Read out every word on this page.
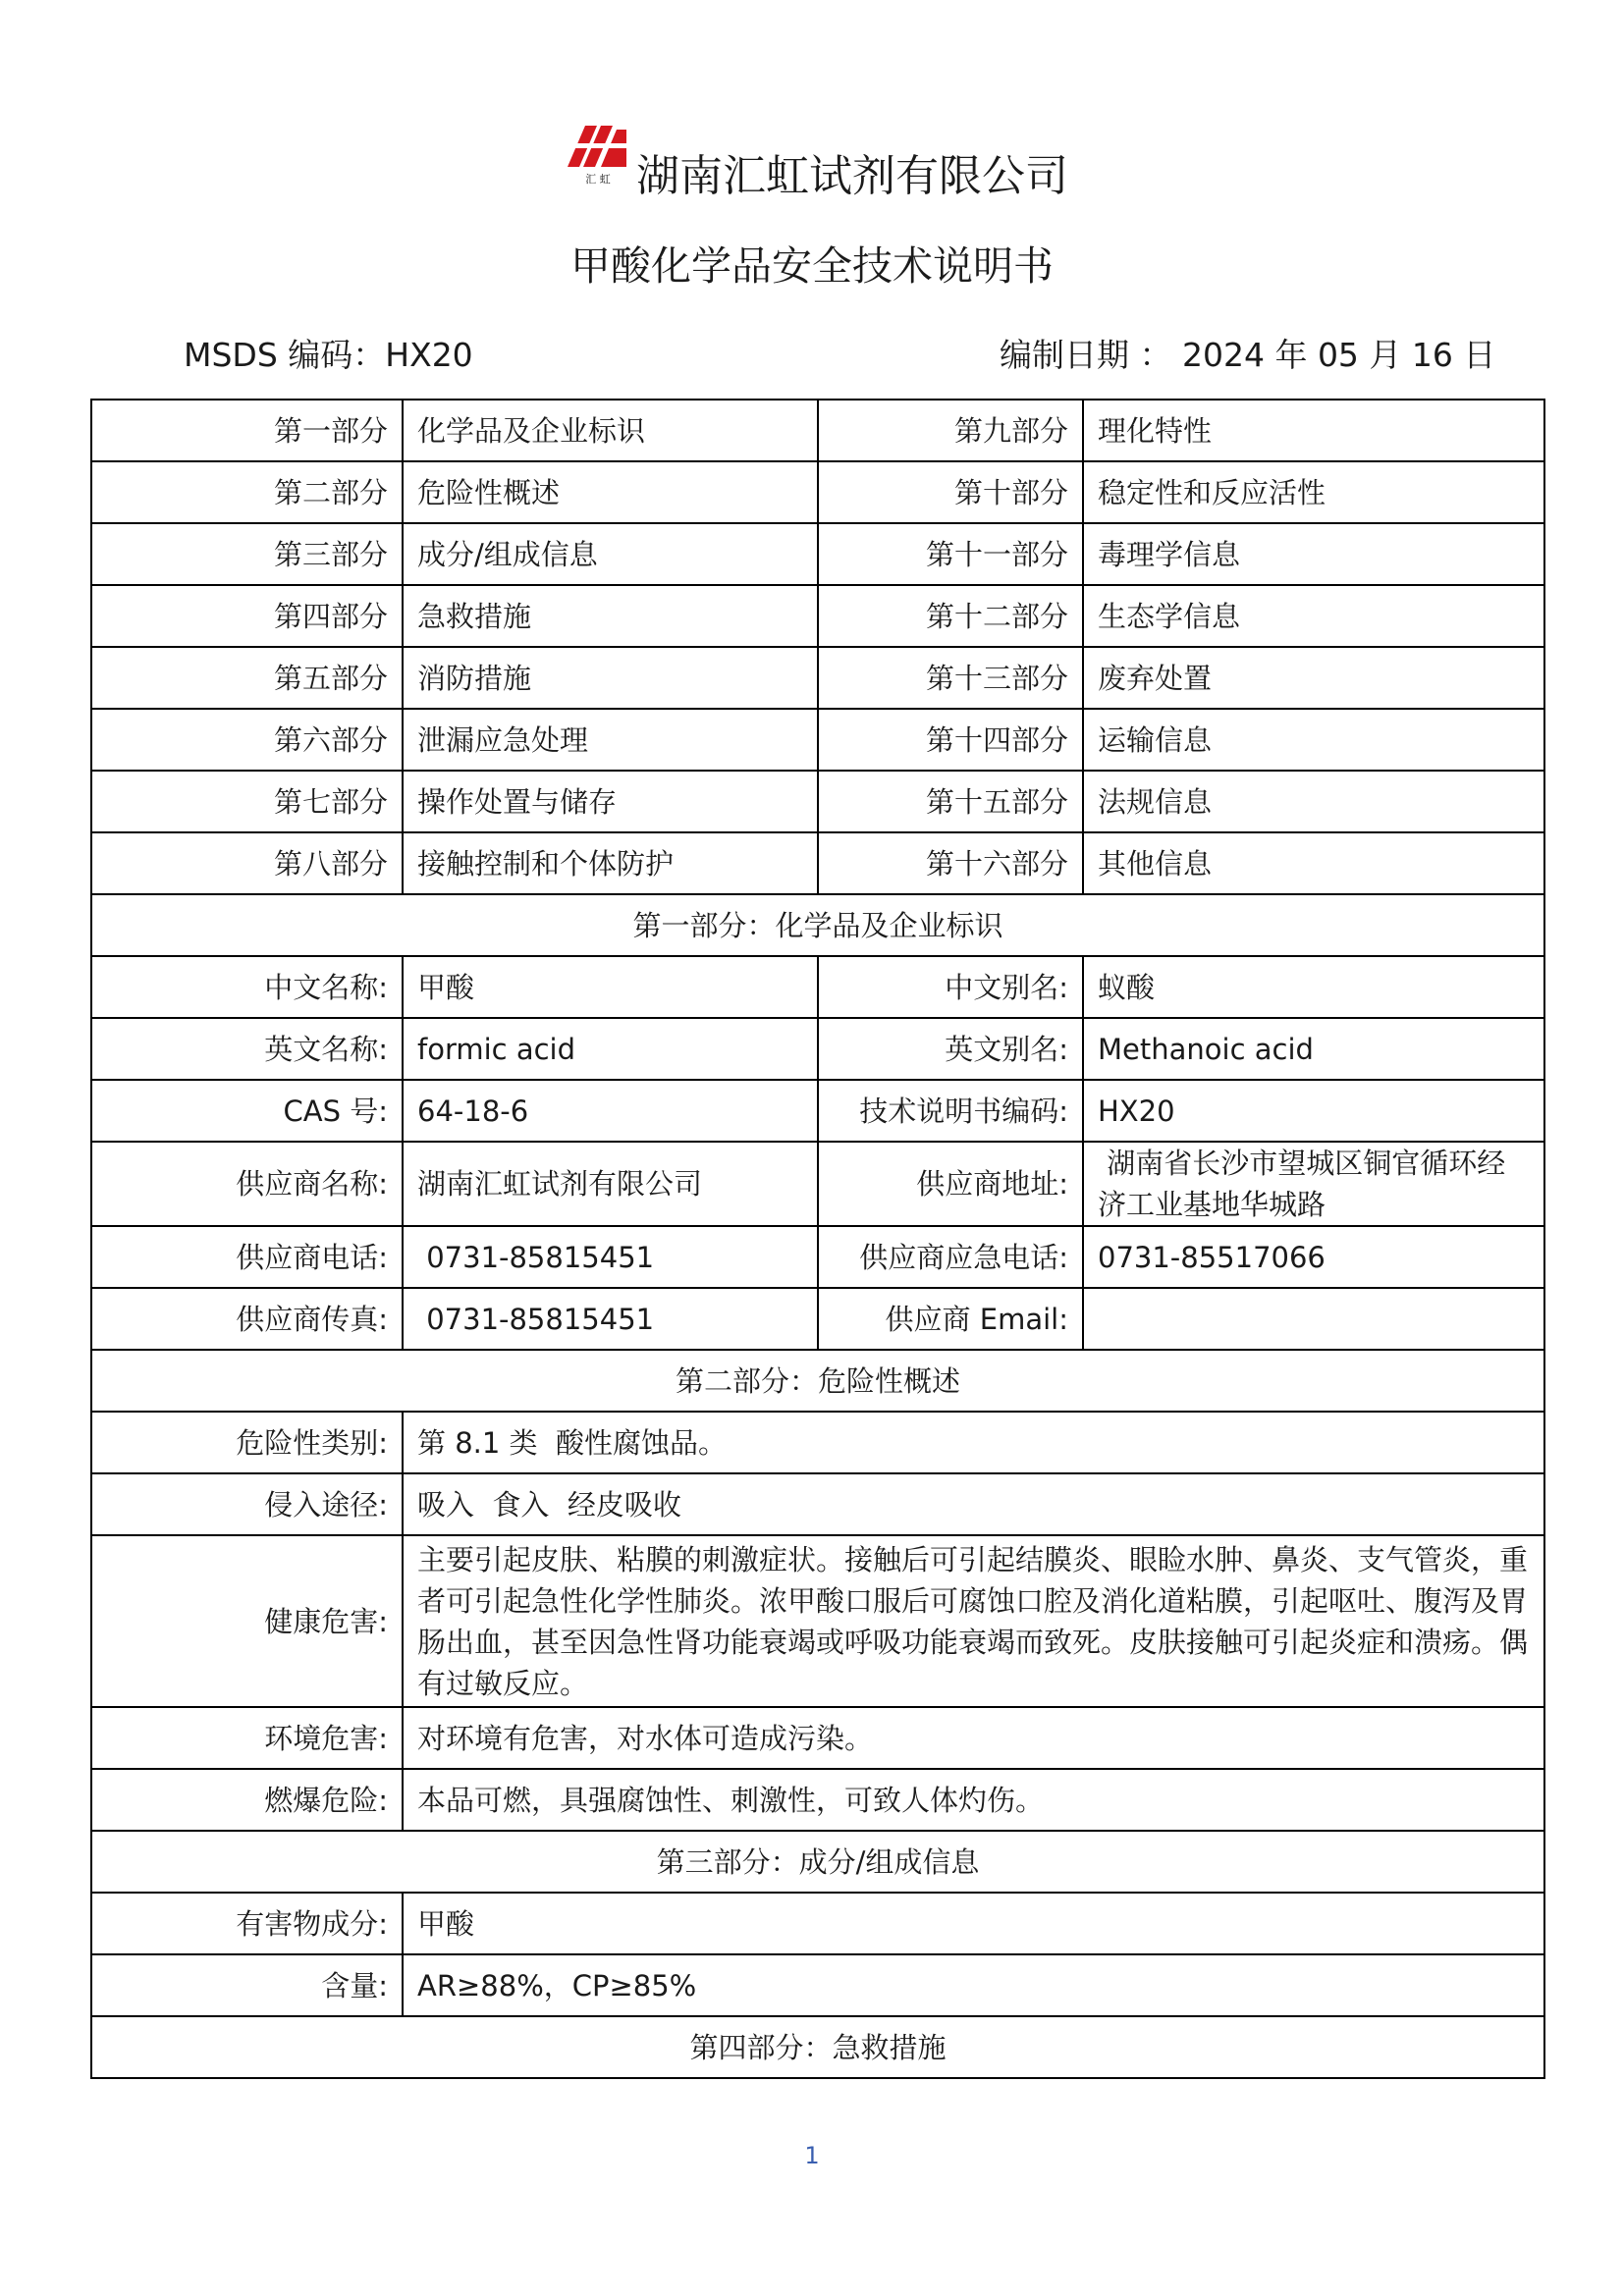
汇 虹 湖南汇虹试剂有限公司
甲酸化学品安全技术说明书
MSDS 编码：HX20	编制日期 ： 2024 年 05 月 16 日
第一部分	化学品及企业标识	第九部分	理化特性
第二部分	危险性概述	第十部分	稳定性和反应活性
第三部分	成分/组成信息	第十一部分	毒理学信息
第四部分	急救措施	第十二部分	生态学信息
第五部分	消防措施	第十三部分	废弃处置
第六部分	泄漏应急处理	第十四部分	运输信息
第七部分	操作处置与储存	第十五部分	法规信息
第八部分	接触控制和个体防护	第十六部分	其他信息
第一部分：化学品及企业标识			
中文名称:	甲酸	中文别名:	蚁酸
英文名称:	formic acid	英文别名:	Methanoic acid
CAS 号:	64-18-6	技术说明书编码:	HX20
供应商名称:	湖南汇虹试剂有限公司	供应商地址:	湖南省长沙市望城区铜官循环经济工业基地华城路
供应商电话:	0731-85815451	供应商应急电话:	0731-85517066
供应商传真:	0731-85815451	供应商 Email:	
第二部分：危险性概述			
危险性类别:	第 8.1 类  酸性腐蚀品。		
侵入途径:	吸入  食入  经皮吸收		
健康危害:	主要引起皮肤、粘膜的刺激症状。接触后可引起结膜炎、眼睑水肿、鼻炎、支气管炎，重者可引起急性化学性肺炎。浓甲酸口服后可腐蚀口腔及消化道粘膜，引起呕吐、腹泻及胃肠出血，甚至因急性肾功能衰竭或呼吸功能衰竭而致死。皮肤接触可引起炎症和溃疡。偶有过敏反应。		
环境危害:	对环境有危害，对水体可造成污染。		
燃爆危险:	本品可燃，具强腐蚀性、刺激性，可致人体灼伤。		
第三部分：成分/组成信息			
有害物成分:	甲酸		
含量:	AR≥88%，CP≥85%		
第四部分：急救措施			
1
